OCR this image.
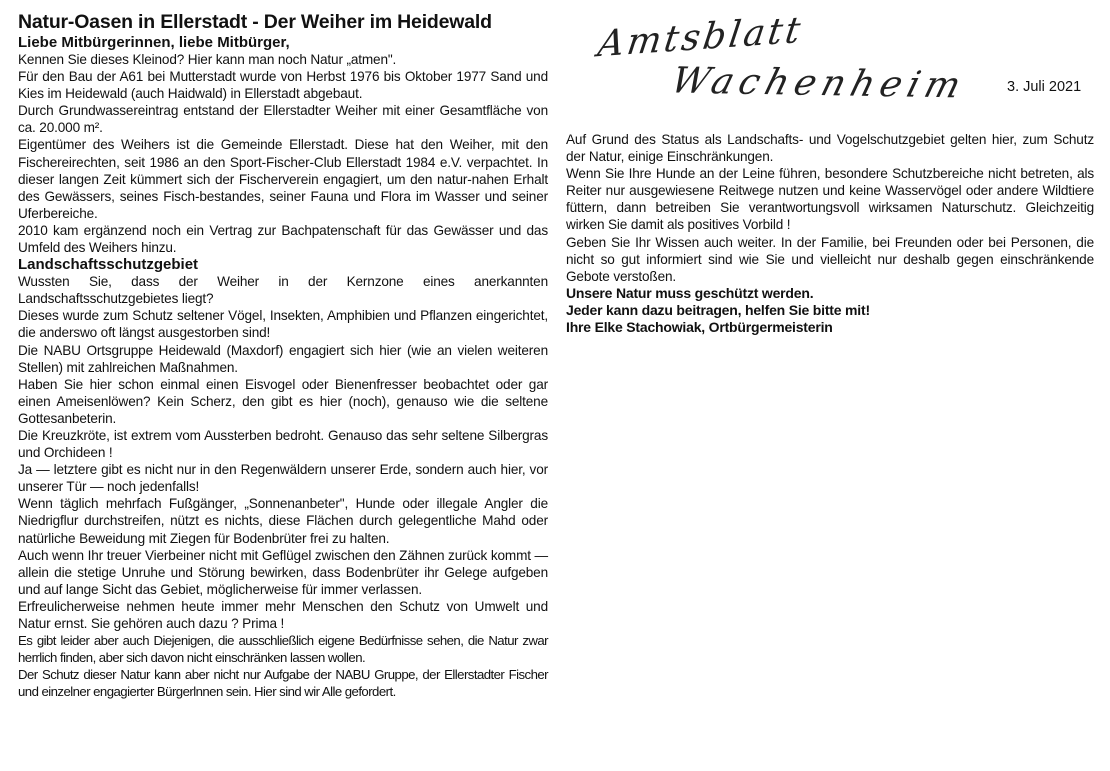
Natur-Oasen in Ellerstadt - Der Weiher im Heidewald

Liebe Mitbürgerinnen, liebe Mitbürger,

Kennen Sie dieses Kleinod? Hier kann man noch Natur „atmen".

Für den Bau der A61 bei Mutterstadt wurde von Herbst 1976 bis Oktober 1977 Sand und Kies im Heidewald (auch Haidwald) in Ellerstadt abgebaut.

Durch Grundwassereintrag entstand der Ellerstadter Weiher mit einer Gesamtfläche von ca. 20.000 m².

Eigentümer des Weihers ist die Gemeinde Ellerstadt. Diese hat den Weiher, mit den Fischereirechten, seit 1986 an den Sport-Fischer-Club Ellerstadt 1984 e.V. verpachtet. In dieser langen Zeit kümmert sich der Fischerverein engagiert, um den natur-nahen Erhalt des Gewässers, seines Fisch-bestandes, seiner Fauna und Flora im Wasser und seiner Uferbereiche.

2010 kam ergänzend noch ein Vertrag zur Bachpatenschaft für das Gewässer und das Umfeld des Weihers hinzu.

Landschaftsschutzgebiet

Wussten Sie, dass der Weiher in der Kernzone eines anerkannten Landschaftsschutzgebietes liegt?

Dieses wurde zum Schutz seltener Vögel, Insekten, Amphibien und Pflanzen eingerichtet, die anderswo oft längst ausgestorben sind!

Die NABU Ortsgruppe Heidewald (Maxdorf) engagiert sich hier (wie an vielen weiteren Stellen) mit zahlreichen Maßnahmen.

Haben Sie hier schon einmal einen Eisvogel oder Bienenfresser beobachtet oder gar einen Ameisenlöwen? Kein Scherz, den gibt es hier (noch), genauso wie die seltene Gottesanbeterin.

Die Kreuzkröte, ist extrem vom Aussterben bedroht. Genauso das sehr seltene Silbergras und Orchideen !

Ja — letztere gibt es nicht nur in den Regenwäldern unserer Erde, sondern auch hier, vor unserer Tür — noch jedenfalls!

Wenn täglich mehrfach Fußgänger, „Sonnenanbeter", Hunde oder illegale Angler die Niedrigflur durchstreifen, nützt es nichts, diese Flächen durch gelegentliche Mahd oder natürliche Beweidung mit Ziegen für Bodenbrüter frei zu halten.

Auch wenn Ihr treuer Vierbeiner nicht mit Geflügel zwischen den Zähnen zurück kommt — allein die stetige Unruhe und Störung bewirken, dass Bodenbrüter ihr Gelege aufgeben und auf lange Sicht das Gebiet, möglicherweise für immer verlassen.

Erfreulicherweise nehmen heute immer mehr Menschen den Schutz von Umwelt und Natur ernst. Sie gehören auch dazu ? Prima !

Es gibt leider aber auch Diejenigen, die ausschließlich eigene Bedürfnisse sehen, die Natur zwar herrlich finden, aber sich davon nicht einschränken lassen wollen.

Der Schutz dieser Natur kann aber nicht nur Aufgabe der NABU Gruppe, der Ellerstadter Fischer und einzelner engagierter Bürgerlnnen sein. Hier sind wir Alle gefordert.

Amtsblatt
Wachenheim 3. Juli 2021

Auf Grund des Status als Landschafts- und Vogelschutzgebiet gelten hier, zum Schutz der Natur, einige Einschränkungen.

Wenn Sie Ihre Hunde an der Leine führen, besondere Schutzbereiche nicht betreten, als Reiter nur ausgewiesene Reitwege nutzen und keine Wasservögel oder andere Wildtiere füttern, dann betreiben Sie verantwortungsvoll wirksamen Naturschutz. Gleichzeitig wirken Sie damit als positives Vorbild !

Geben Sie Ihr Wissen auch weiter. In der Familie, bei Freunden oder bei Personen, die nicht so gut informiert sind wie Sie und vielleicht nur deshalb gegen einschränkende Gebote verstoßen.

Unsere Natur muss geschützt werden.

Jeder kann dazu beitragen, helfen Sie bitte mit!

Ihre Elke Stachowiak, Ortbürgermeisterin
